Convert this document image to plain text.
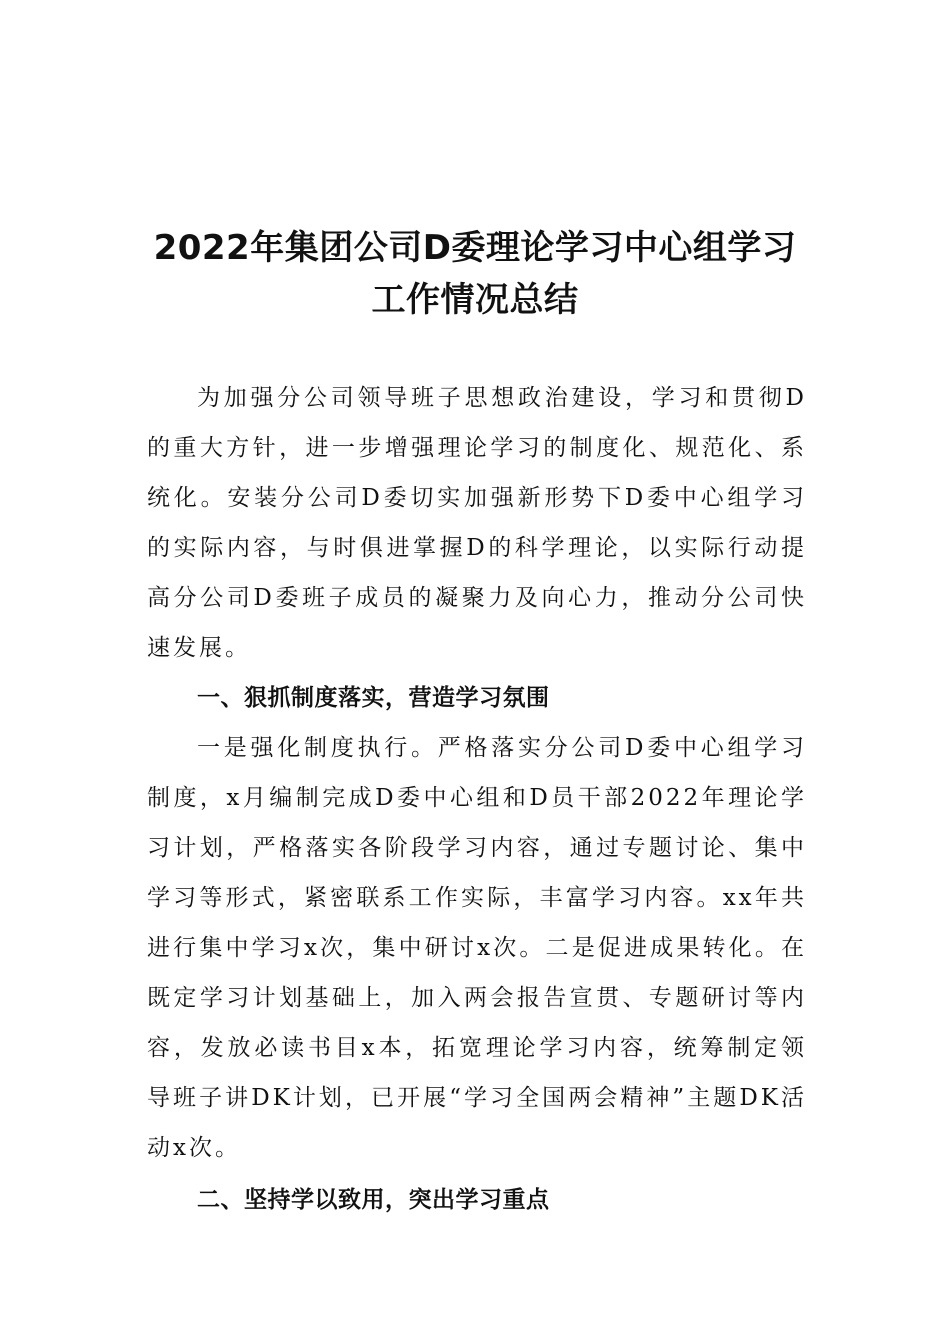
2022年集团公司D委理论学习中心组学习
工作情况总结

为加强分公司领导班子思想政治建设，学习和贯彻D的重大方针，进一步增强理论学习的制度化、规范化、系统化。安装分公司D委切实加强新形势下D委中心组学习的实际内容，与时俱进掌握D的科学理论，以实际行动提高分公司D委班子成员的凝聚力及向心力，推动分公司快速发展。

一、狠抓制度落实，营造学习氛围

一是强化制度执行。严格落实分公司D委中心组学习制度，x月编制完成D委中心组和D员干部2022年理论学习计划，严格落实各阶段学习内容，通过专题讨论、集中学习等形式，紧密联系工作实际，丰富学习内容。xx年共进行集中学习x次，集中研讨x次。二是促进成果转化。在既定学习计划基础上，加入两会报告宣贯、专题研讨等内容，发放必读书目x本，拓宽理论学习内容，统筹制定领导班子讲DK计划，已开展“学习全国两会精神”主题DK活动x次。

二、坚持学以致用，突出学习重点
